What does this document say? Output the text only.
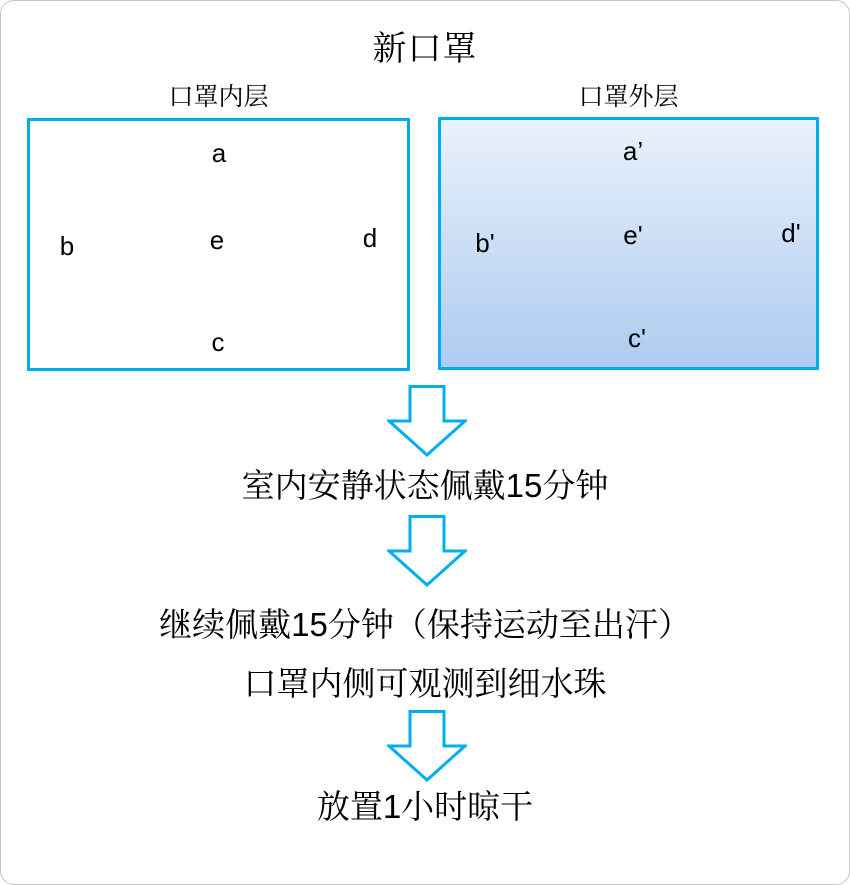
新口罩
口罩内层	口罩外层
a
b	e	d
c
a’
b'	e'	d'
c'
室内安静状态佩戴15分钟
继续佩戴15分钟（保持运动至出汗）
口罩内侧可观测到细水珠
放置1小时晾干
